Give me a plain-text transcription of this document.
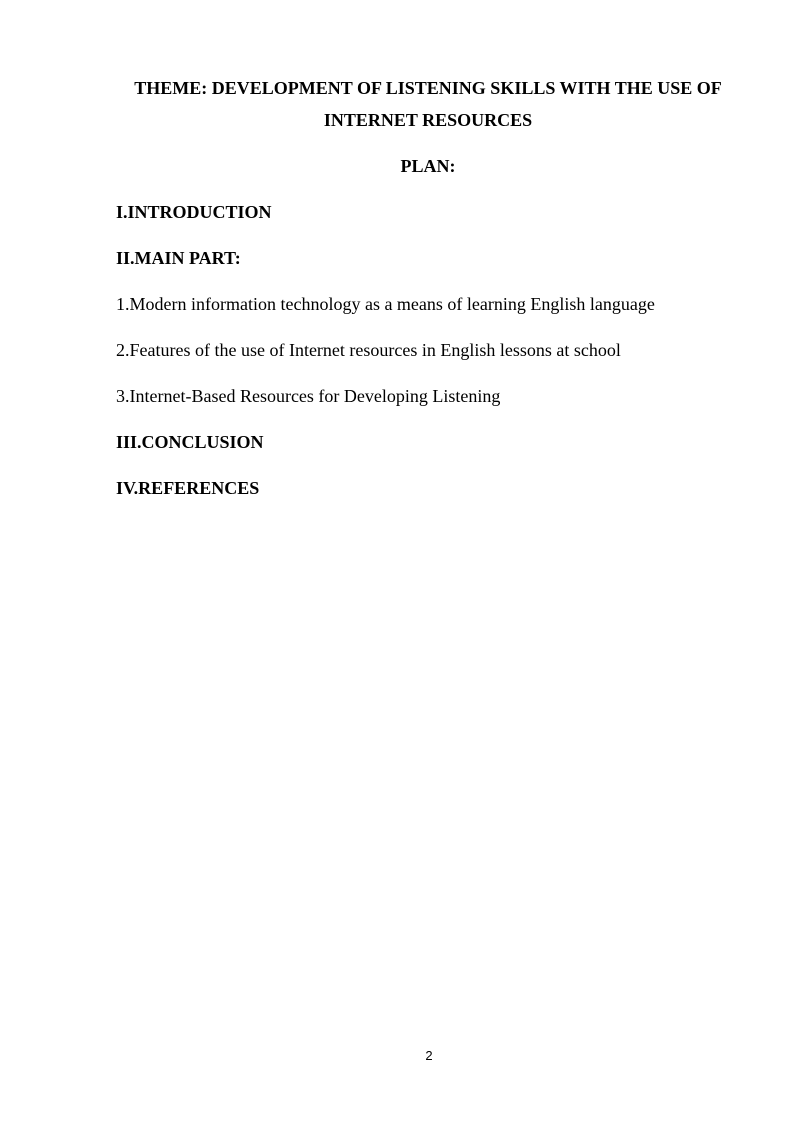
THEME: DEVELOPMENT OF LISTENING SKILLS WITH THE USE OF
INTERNET RESOURCES
PLAN:
I.INTRODUCTION
II.MAIN PART:
1.Modern information technology as a means of learning English language
2.Features of the use of Internet resources in English lessons at school
3.Internet-Based Resources for Developing Listening
III.CONCLUSION
IV.REFERENCES
2
